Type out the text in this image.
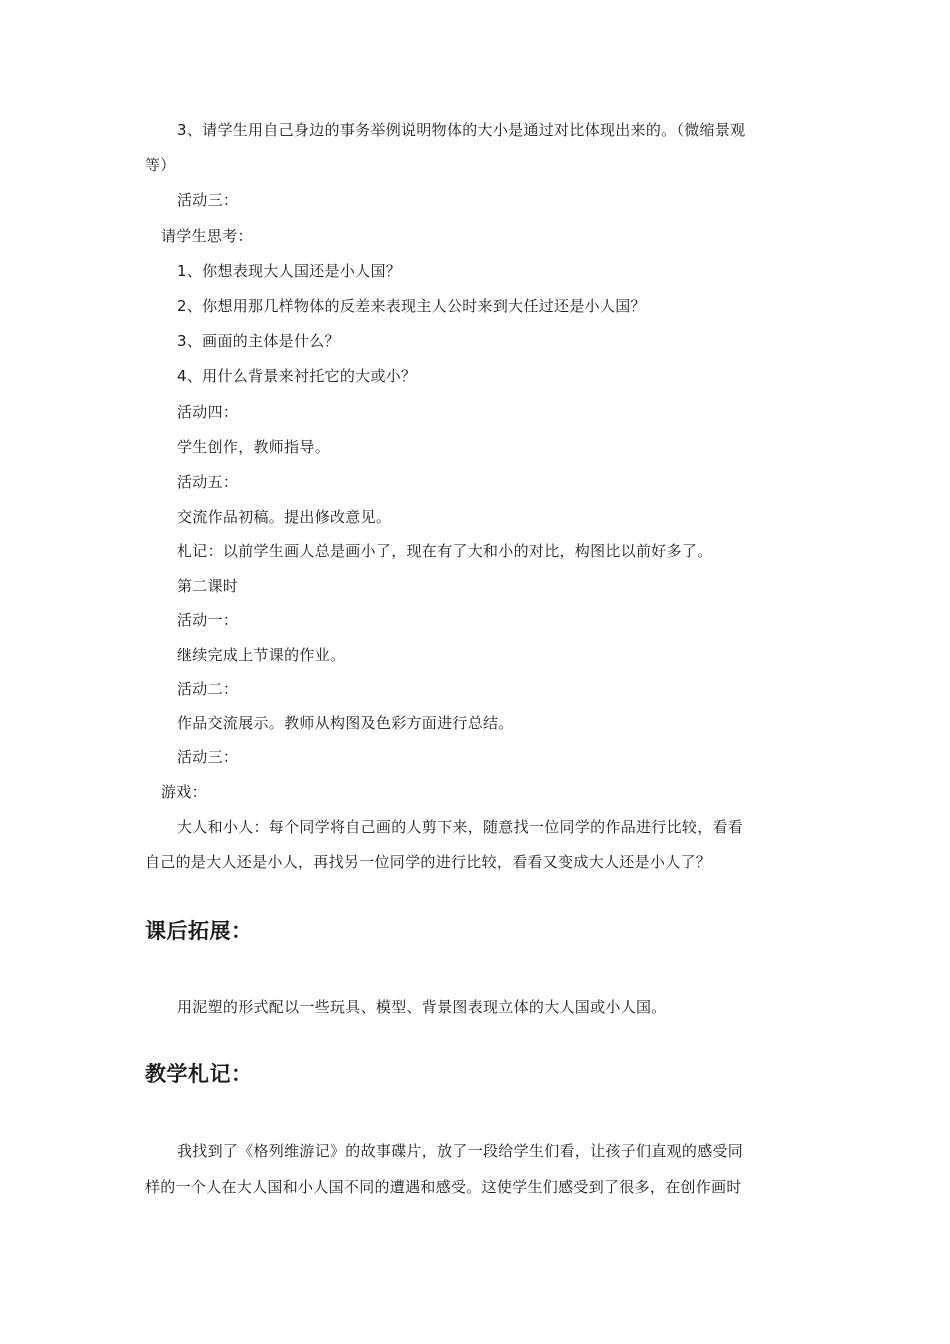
3、请学生用自己身边的事务举例说明物体的大小是通过对比体现出来的。（微缩景观
等）
活动三：
请学生思考：
1、你想表现大人国还是小人国？
2、你想用那几样物体的反差来表现主人公时来到大任过还是小人国？
3、画面的主体是什么？
4、用什么背景来衬托它的大或小？
活动四：
学生创作，教师指导。
活动五：
交流作品初稿。提出修改意见。
札记：以前学生画人总是画小了，现在有了大和小的对比，构图比以前好多了。
第二课时
活动一：
继续完成上节课的作业。
活动二：
作品交流展示。教师从构图及色彩方面进行总结。
活动三：
游戏：
大人和小人：每个同学将自己画的人剪下来，随意找一位同学的作品进行比较，看看
自己的是大人还是小人，再找另一位同学的进行比较，看看又变成大人还是小人了？
课后拓展：
用泥塑的形式配以一些玩具、模型、背景图表现立体的大人国或小人国。
教学札记：
我找到了《格列维游记》的故事碟片，放了一段给学生们看，让孩子们直观的感受同
样的一个人在大人国和小人国不同的遭遇和感受。这使学生们感受到了很多，在创作画时
